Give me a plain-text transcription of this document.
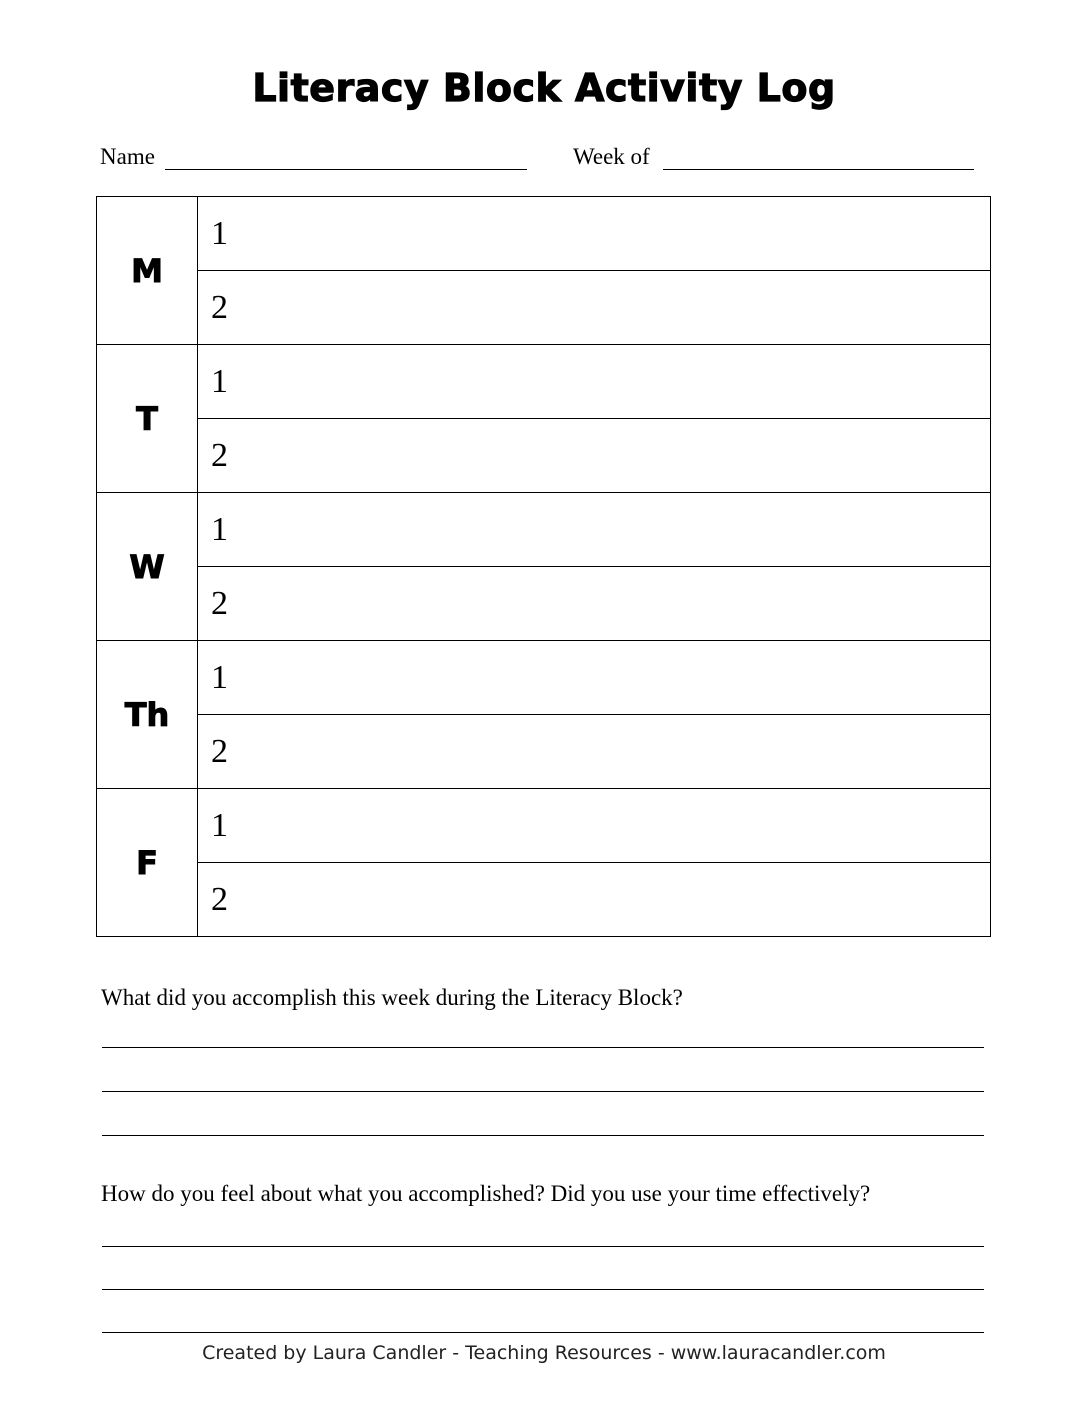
Literacy Block Activity Log
Name	Week of
M	1
	2
T	1
	2
W	1
	2
Th	1
	2
F	1
	2
What did you accomplish this week during the Literacy Block?
How do you feel about what you accomplished? Did you use your time effectively?
Created by Laura Candler - Teaching Resources - www.lauracandler.com
